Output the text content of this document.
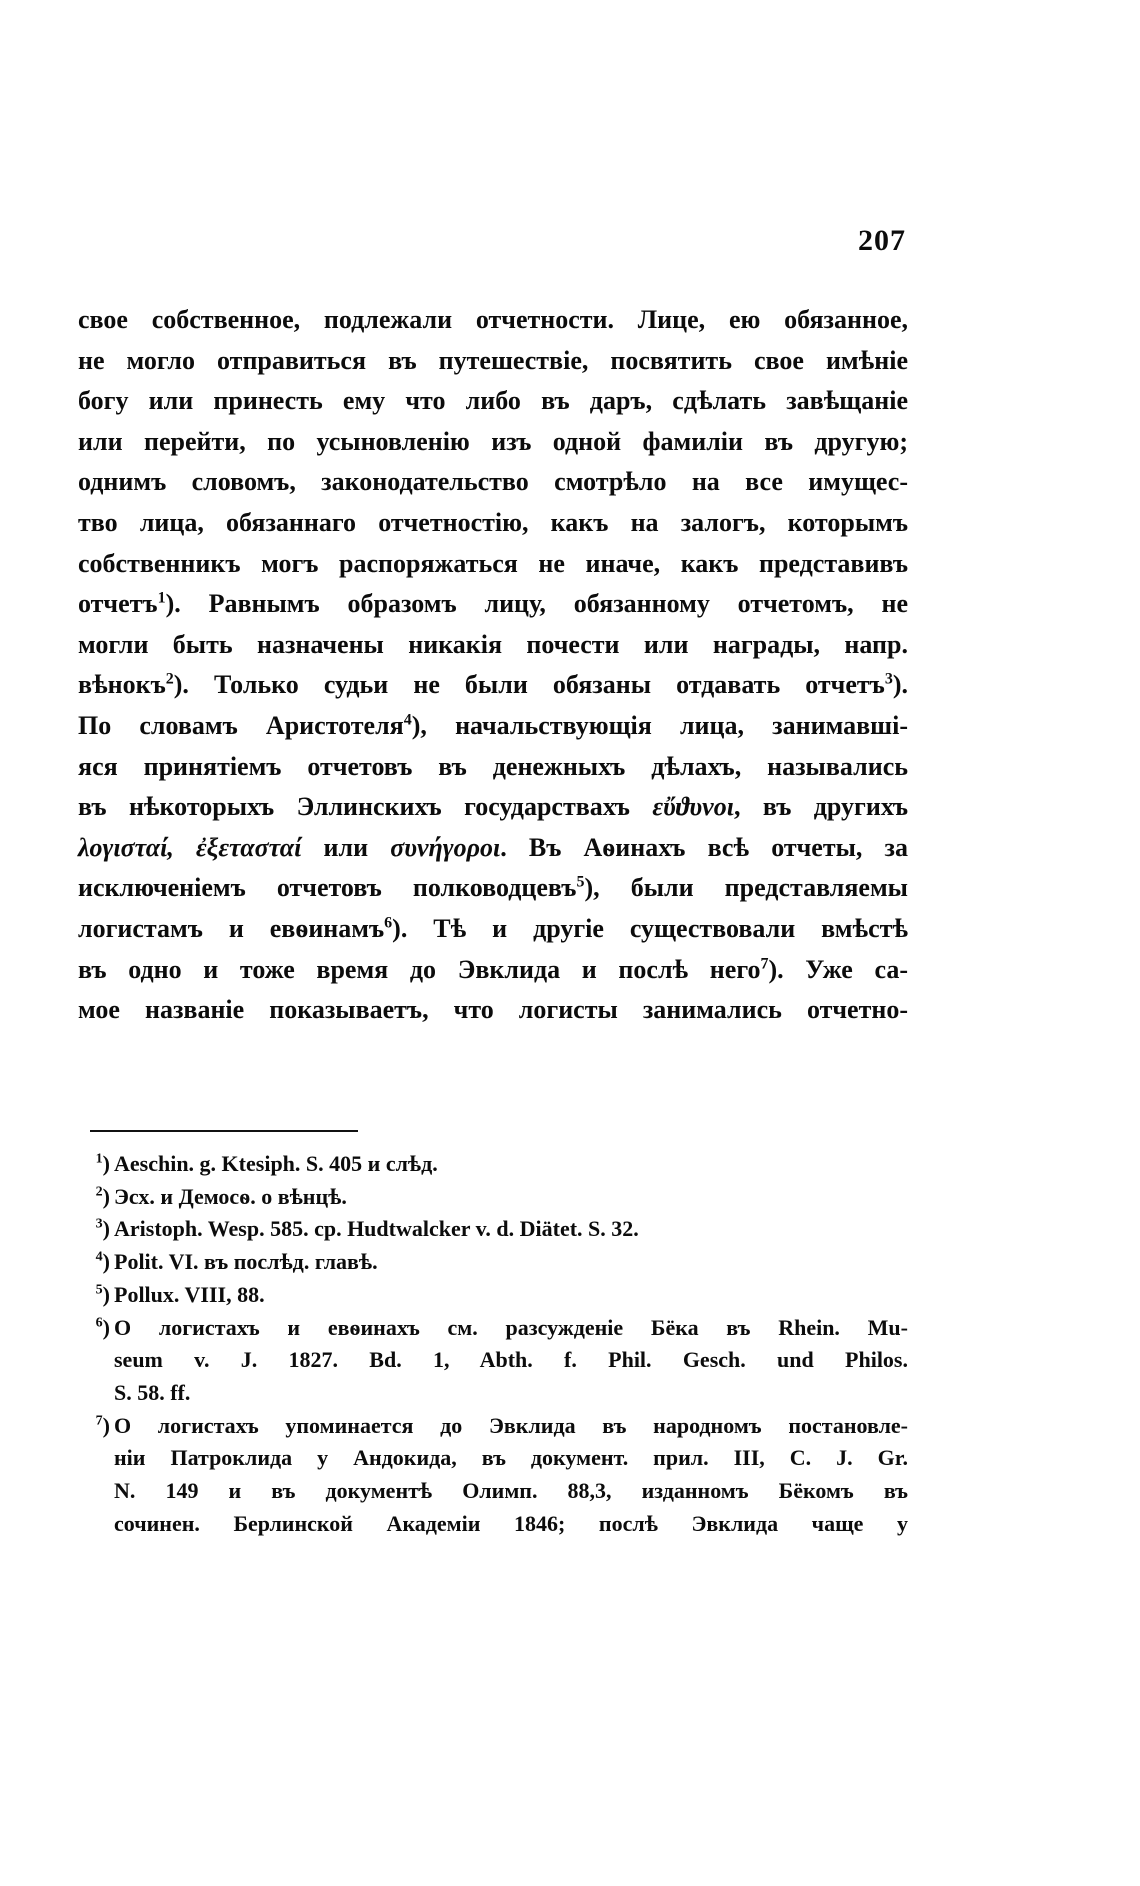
207
свое собственное, подлежали отчетности. Лице, ею обязанное,
не могло отправиться въ путешествіе, посвятить свое имѣніе
богу или принесть ему что либо въ даръ, сдѣлать завѣщаніе
или перейти, по усыновленію изъ одной фамиліи въ другую;
однимъ словомъ, законодательство смотрѣло на все имущес-
тво лица, обязаннаго отчетностію, какъ на залогъ, которымъ
собственникъ могъ распоряжаться не иначе, какъ представивъ
отчетъ$^1$). Равнымъ образомъ лицу, обязанному отчетомъ, не
могли быть назначены никакія почести или награды, напр.
вѣнокъ$^2$). Только судьи не были обязаны отдавать отчетъ$^3$).
По словамъ Аристотеля$^4$), начальствующія лица, занимавші-
яся принятіемъ отчетовъ въ денежныхъ дѣлахъ, назывались
въ нѣкоторыхъ Эллинскихъ государствахъ εὔϑυνοι, въ другихъ
λογισταί, ἐξετασταί или συνήγοροι. Въ Аѳинахъ всѣ отчеты, за
исключеніемъ отчетовъ полководцевъ$^5$), были представляемы
логистамъ и евѳинамъ$^6$). Тѣ и другіе существовали вмѣстѣ
въ одно и тоже время до Эвклида и послѣ него$^7$). Уже са-
мое названіе показываетъ, что логисты занимались отчетно-
$^1$) Aeschin. g. Ktesiph. S. 405 и слѣд.
$^2$) Эсх. и Демосѳ. о вѣнцѣ.
$^3$) Aristoph. Wesp. 585. ср. Hudtwalcker v. d. Diätet. S. 32.
$^4$) Polit. VI. въ послѣд. главѣ.
$^5$) Pollux. VIII, 88.
$^6$) О логистахъ и евѳинахъ см. разсужденіе Бёка въ Rhein. Mu-
seum v. J. 1827. Bd. 1, Abth. f. Phil. Gesch. und Philos.
S. 58. ff.
$^7$) О логистахъ упоминается до Эвклида въ народномъ постановле-
ніи Патроклида у Андокида, въ документ. прил. III, C. J. Gr.
N. 149 и въ документѣ Олимп. 88,3, изданномъ Бёкомъ въ
сочинен. Берлинской Академіи 1846; послѣ Эвклида чаще у
